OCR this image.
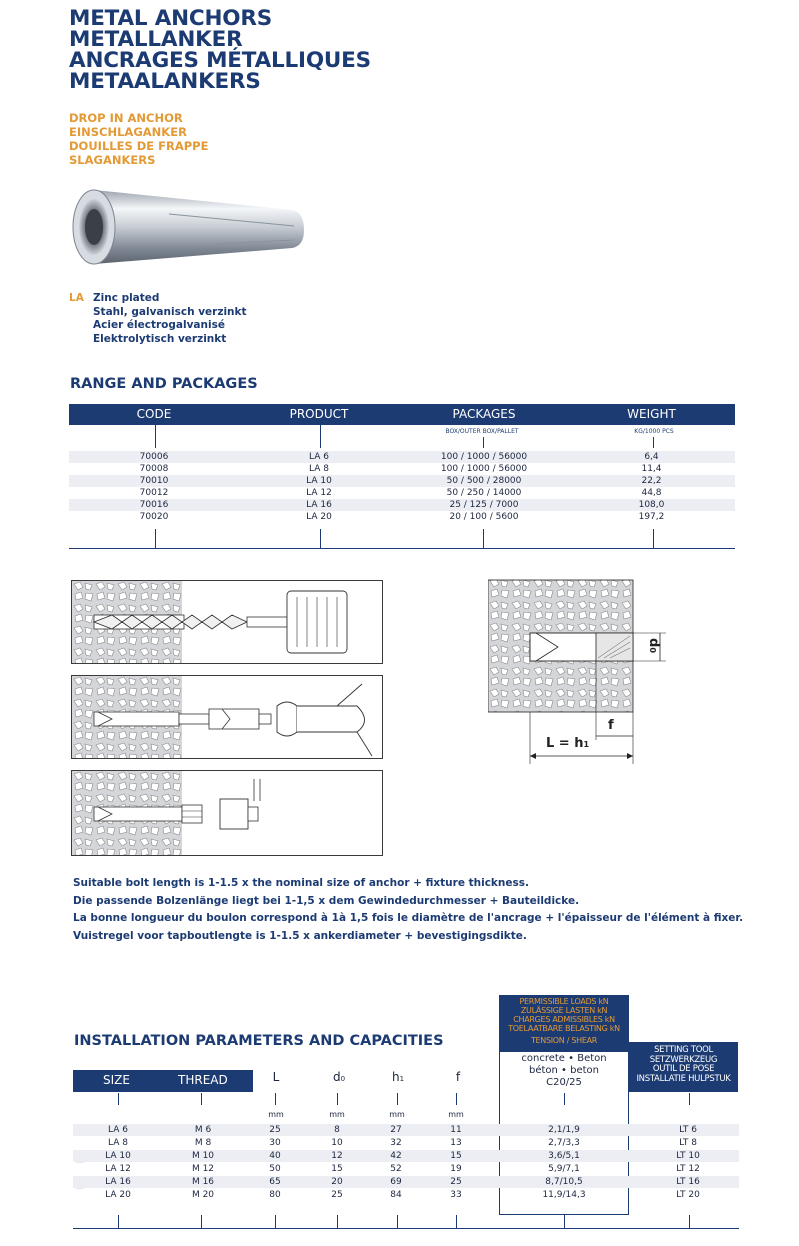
METAL ANCHORS
METALLANKER
ANCRAGES MÉTALLIQUES
METAALANKERS
DROP IN ANCHOR
EINSCHLAGANKER
DOUILLES DE FRAPPE
SLAGANKERS
LA Zinc plated
Stahl, galvanisch verzinkt
Acier électrogalvanisé
Elektrolytisch verzinkt
RANGE AND PACKAGES
CODE	PRODUCT	PACKAGES	WEIGHT
BOX/OUTER BOX/PALLET	KG/1000 PCS
70006	LA 6	100 / 1000 / 56000	6,4
70008	LA 8	100 / 1000 / 56000	11,4
70010	LA 10	50 / 500 / 28000	22,2
70012	LA 12	50 / 250 / 14000	44,8
70016	LA 16	25 / 125 / 7000	108,0
70020	LA 20	20 / 100 / 5600	197,2
d0
f
L = h1
Suitable bolt length is 1-1.5 x the nominal size of anchor + fixture thickness.
Die passende Bolzenlänge liegt bei 1-1,5 x dem Gewindedurchmesser + Bauteildicke.
La bonne longueur du boulon correspond à 1à 1,5 fois le diamètre de l'ancrage + l'épaisseur de l'élément à fixer.
Vuistregel voor tapboutlengte is 1-1.5 x ankerdiameter + bevestigingsdikte.
INSTALLATION PARAMETERS AND CAPACITIES
PERMISSIBLE LOADS kN
ZULÄSSIGE LASTEN kN
CHARGES ADMISSIBLES kN
TOELAATBARE BELASTING kN
TENSION / SHEAR
concrete • Beton
béton • beton
C20/25
SETTING TOOL
SETZWERKZEUG
OUTIL DE POSE
INSTALLATIE HULPSTUK
SIZE	THREAD	L	d0	h1	f
mm	mm	mm	mm
LA 6	M 6	25	8	27	11	2,1/1,9	LT 6
LA 8	M 8	30	10	32	13	2,7/3,3	LT 8
LA 10	M 10	40	12	42	15	3,6/5,1	LT 10
LA 12	M 12	50	15	52	19	5,9/7,1	LT 12
LA 16	M 16	65	20	69	25	8,7/10,5	LT 16
LA 20	M 20	80	25	84	33	11,9/14,3	LT 20
